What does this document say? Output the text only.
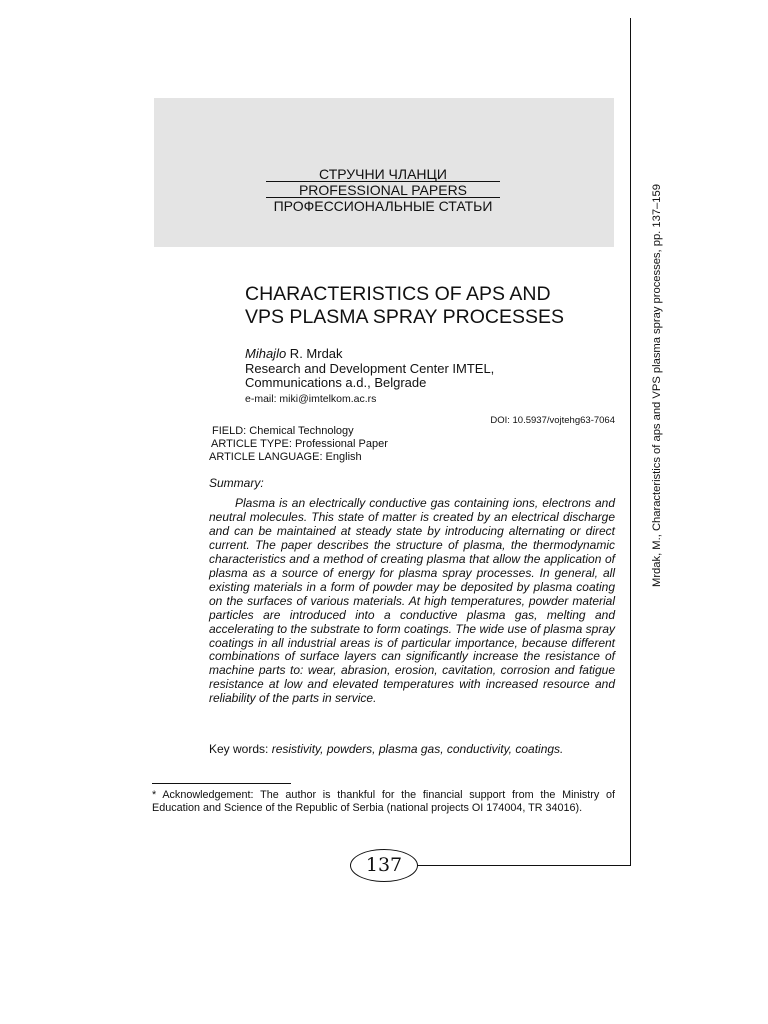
СТРУЧНИ ЧЛАНЦИ
PROFESSIONAL PAPERS
ПРОФЕССИОНАЛЬНЫЕ СТАТЬИ
CHARACTERISTICS OF APS AND
VPS PLASMA SPRAY PROCESSES
Mihajlo R. Mrdak
Research and Development Center IMTEL,
Communications a.d., Belgrade
e-mail: miki@imtelkom.ac.rs
DOI: 10.5937/vojtehg63-7064
FIELD: Chemical Technology
ARTICLE TYPE: Professional Paper
ARTICLE LANGUAGE: English
Summary:

Plasma is an electrically conductive gas containing ions, electrons and neutral molecules. This state of matter is created by an electrical discharge and can be maintained at steady state by introducing alternating or direct current. The paper describes the structure of plasma, the thermodynamic characteristics and a method of creating plasma that allow the application of plasma as a source of energy for plasma spray processes. In general, all existing materials in a form of powder may be deposited by plasma coating on the surfaces of various materials. At high temperatures, powder material particles are introduced into a conductive plasma gas, melting and accelerating to the substrate to form coatings. The wide use of plasma spray coatings in all industrial areas is of particular importance, because different combinations of surface layers can significantly increase the resistance of machine parts to: wear, abrasion, erosion, cavitation, corrosion and fatigue resistance at low and elevated temperatures with increased resource and reliability of the parts in service.

Key words: resistivity, powders, plasma gas, conductivity, coatings.

* Acknowledgement: The author is thankful for the financial support from the Ministry of Education and Science of the Republic of Serbia (national projects OI 174004, TR 34016).

137
Mrdak, M., Characteristics of aps and VPS plasma spray processes, pp. 137–159
